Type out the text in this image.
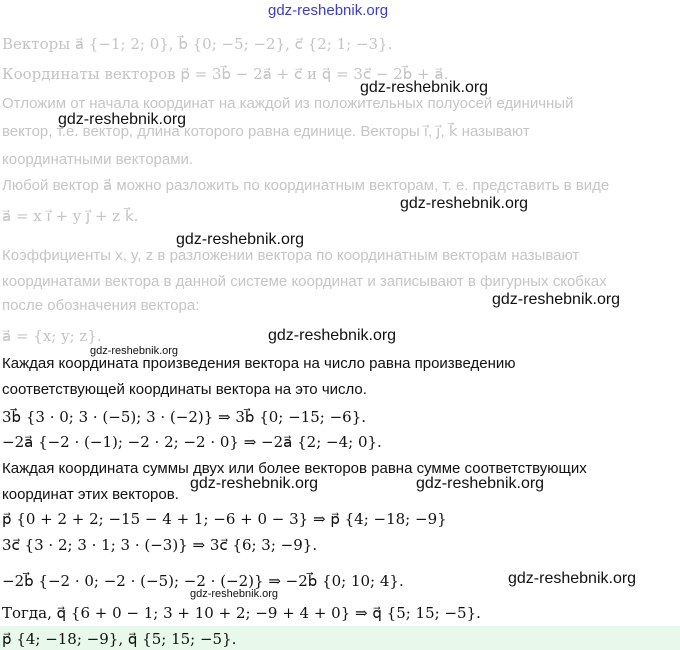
gdz-reshebnik.org
Векторы a⃗ {−1; 2; 0}, b⃗ {0; −5; −2}, c⃗ {2; 1; −3}.
Координаты векторов p⃗ = 3b⃗ − 2a⃗ + c⃗ и q⃗ = 3c⃗ − 2b⃗ + a⃗.
Отложим от начала координат на каждой из положительных полуосей единичный
вектор, т.е. вектор, длина которого равна единице. Векторы i⃗, j⃗, k⃗ называют
координатными векторами.
Любой вектор a⃗ можно разложить по координатным векторам, т. е. представить в виде
a⃗ = x i⃗ + y j⃗ + z k⃗.
Коэффициенты x, y, z в разложении вектора по координатным векторам называют
координатами вектора в данной системе координат и записывают в фигурных скобках
после обозначения вектора:
a⃗ = {x; y; z}.
Каждая координата произведения вектора на число равна произведению
соответствующей координаты вектора на это число.
3b⃗ {3 · 0; 3 · (−5); 3 · (−2)} ⇒ 3b⃗ {0; −15; −6}.
−2a⃗ {−2 · (−1); −2 · 2; −2 · 0} ⇒ −2a⃗ {2; −4; 0}.
Каждая координата суммы двух или более векторов равна сумме соответствующих
координат этих векторов.
p⃗ {0 + 2 + 2; −15 − 4 + 1; −6 + 0 − 3} ⇒ p⃗ {4; −18; −9}
3c⃗ {3 · 2; 3 · 1; 3 · (−3)} ⇒ 3c⃗ {6; 3; −9}.
−2b⃗ {−2 · 0; −2 · (−5); −2 · (−2)} ⇒ −2b⃗ {0; 10; 4}.
Тогда, q⃗ {6 + 0 − 1; 3 + 10 + 2; −9 + 4 + 0} ⇒ q⃗ {5; 15; −5}.
p⃗ {4; −18; −9}, q⃗ {5; 15; −5}.
gdz-reshebnik.org
gdz-reshebnik.org
gdz-reshebnik.org
gdz-reshebnik.org
gdz-reshebnik.org
gdz-reshebnik.org
gdz-reshebnik.org
gdz-reshebnik.org	gdz-reshebnik.org
gdz-reshebnik.org
gdz-reshebnik.org
